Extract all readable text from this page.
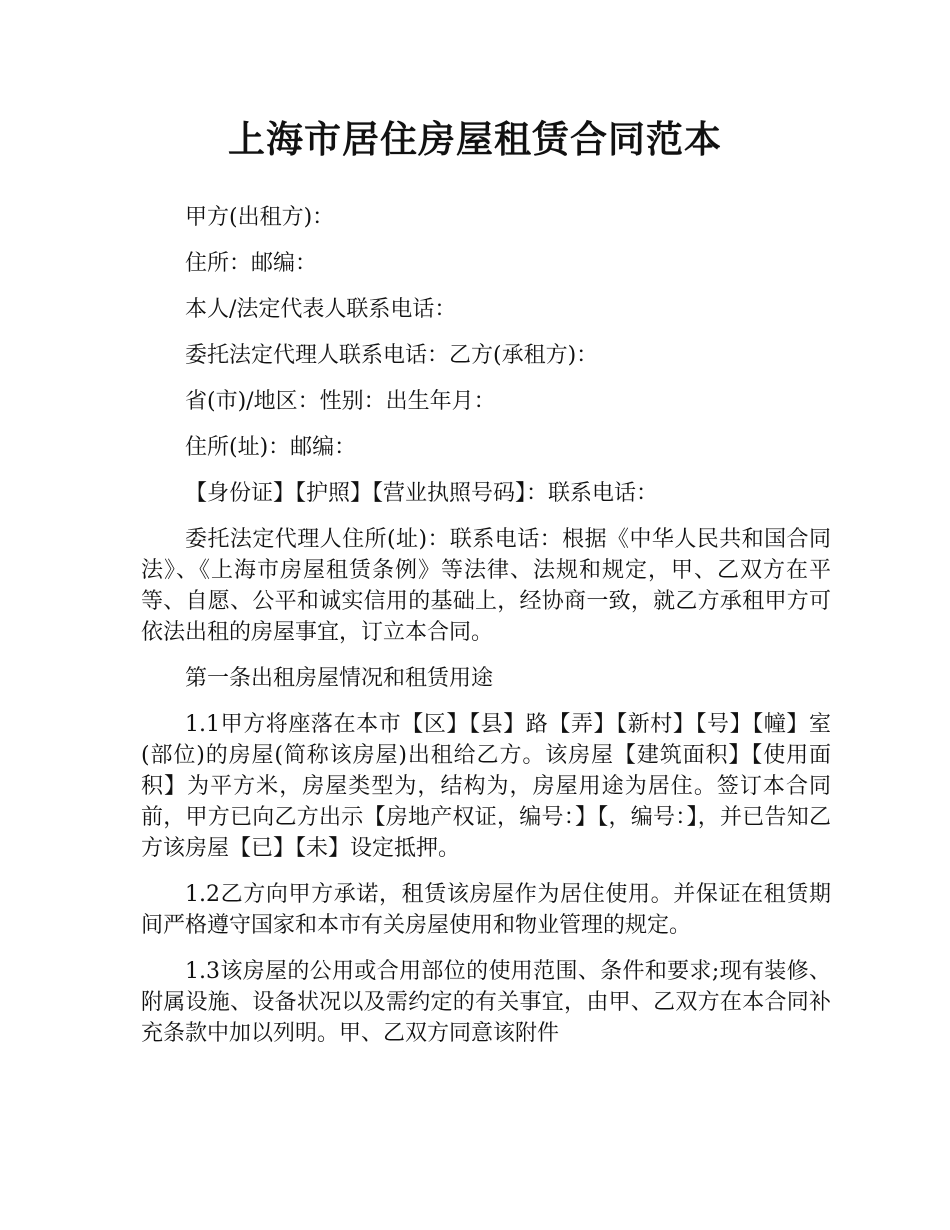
上海市居住房屋租赁合同范本

甲方(出租方)：

住所：邮编：

本人/法定代表人联系电话：

委托法定代理人联系电话：乙方(承租方)：

省(市)/地区：性别：出生年月：

住所(址)：邮编：

【身份证】【护照】【营业执照号码】：联系电话：

委托法定代理人住所(址)：联系电话：根据《中华人民共和国合同法》、《上海市房屋租赁条例》等法律、法规和规定，甲、乙双方在平等、自愿、公平和诚实信用的基础上，经协商一致，就乙方承租甲方可依法出租的房屋事宜，订立本合同。

第一条出租房屋情况和租赁用途

1.1甲方将座落在本市【区】【县】路【弄】【新村】【号】【幢】室(部位)的房屋(简称该房屋)出租给乙方。该房屋【建筑面积】【使用面积】为平方米，房屋类型为，结构为，房屋用途为居住。签订本合同前，甲方已向乙方出示【房地产权证，编号：】【，编号：】，并已告知乙方该房屋【已】【未】设定抵押。

1.2乙方向甲方承诺，租赁该房屋作为居住使用。并保证在租赁期间严格遵守国家和本市有关房屋使用和物业管理的规定。

1.3该房屋的公用或合用部位的使用范围、条件和要求;现有装修、附属设施、设备状况以及需约定的有关事宜，由甲、乙双方在本合同补充条款中加以列明。甲、乙双方同意该附件
